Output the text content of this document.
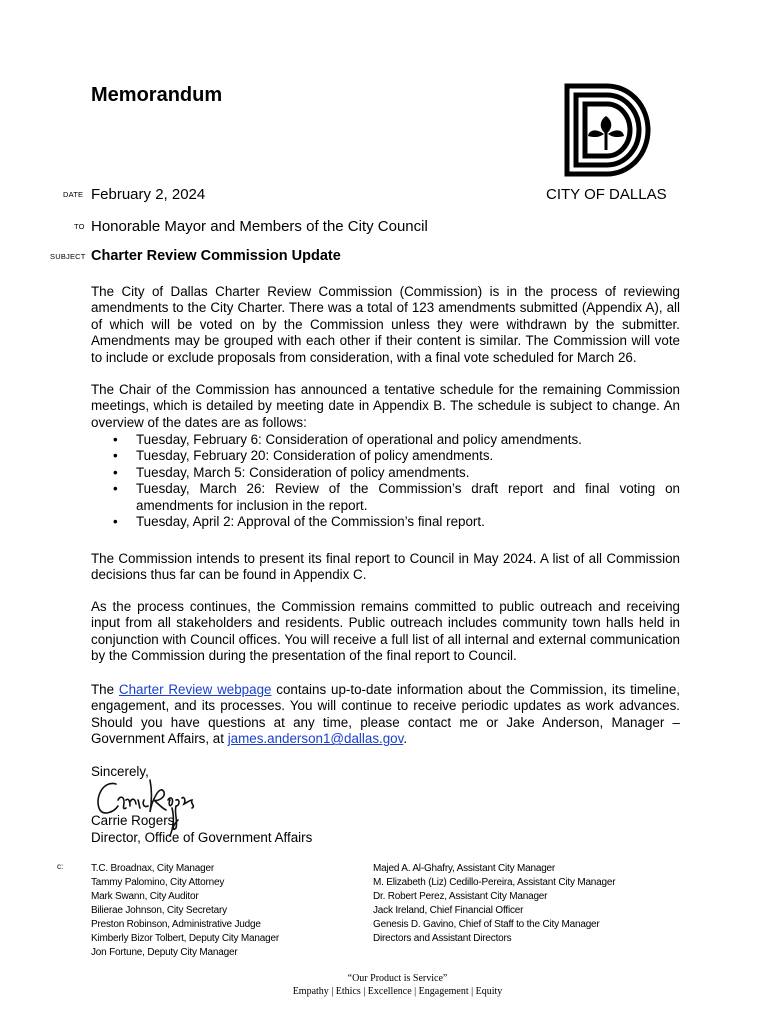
Memorandum
DATE February 2, 2024	CITY OF DALLAS
TO Honorable Mayor and Members of the City Council
SUBJECT Charter Review Commission Update

The City of Dallas Charter Review Commission (Commission) is in the process of reviewing amendments to the City Charter. There was a total of 123 amendments submitted (Appendix A), all of which will be voted on by the Commission unless they were withdrawn by the submitter. Amendments may be grouped with each other if their content is similar. The Commission will vote to include or exclude proposals from consideration, with a final vote scheduled for March 26.

The Chair of the Commission has announced a tentative schedule for the remaining Commission meetings, which is detailed by meeting date in Appendix B. The schedule is subject to change. An overview of the dates are as follows:

• Tuesday, February 6: Consideration of operational and policy amendments.
• Tuesday, February 20: Consideration of policy amendments.
• Tuesday, March 5: Consideration of policy amendments.
• Tuesday, March 26: Review of the Commission’s draft report and final voting on amendments for inclusion in the report.
• Tuesday, April 2: Approval of the Commission’s final report.

The Commission intends to present its final report to Council in May 2024. A list of all Commission decisions thus far can be found in Appendix C.

As the process continues, the Commission remains committed to public outreach and receiving input from all stakeholders and residents. Public outreach includes community town halls held in conjunction with Council offices. You will receive a full list of all internal and external communication by the Commission during the presentation of the final report to Council.

The Charter Review webpage contains up-to-date information about the Commission, its timeline, engagement, and its processes. You will continue to receive periodic updates as work advances. Should you have questions at any time, please contact me or Jake Anderson, Manager – Government Affairs, at james.anderson1@dallas.gov.

Sincerely,
Carrie Rogers
Director, Office of Government Affairs
c:	T.C. Broadnax, City Manager
Tammy Palomino, City Attorney
Mark Swann, City Auditor
Bilierae Johnson, City Secretary
Preston Robinson, Administrative Judge
Kimberly Bizor Tolbert, Deputy City Manager
Jon Fortune, Deputy City Manager
Majed A. Al-Ghafry, Assistant City Manager
M. Elizabeth (Liz) Cedillo-Pereira, Assistant City Manager
Dr. Robert Perez, Assistant City Manager
Jack Ireland, Chief Financial Officer
Genesis D. Gavino, Chief of Staff to the City Manager
Directors and Assistant Directors
“Our Product is Service”
Empathy | Ethics | Excellence | Engagement | Equity
